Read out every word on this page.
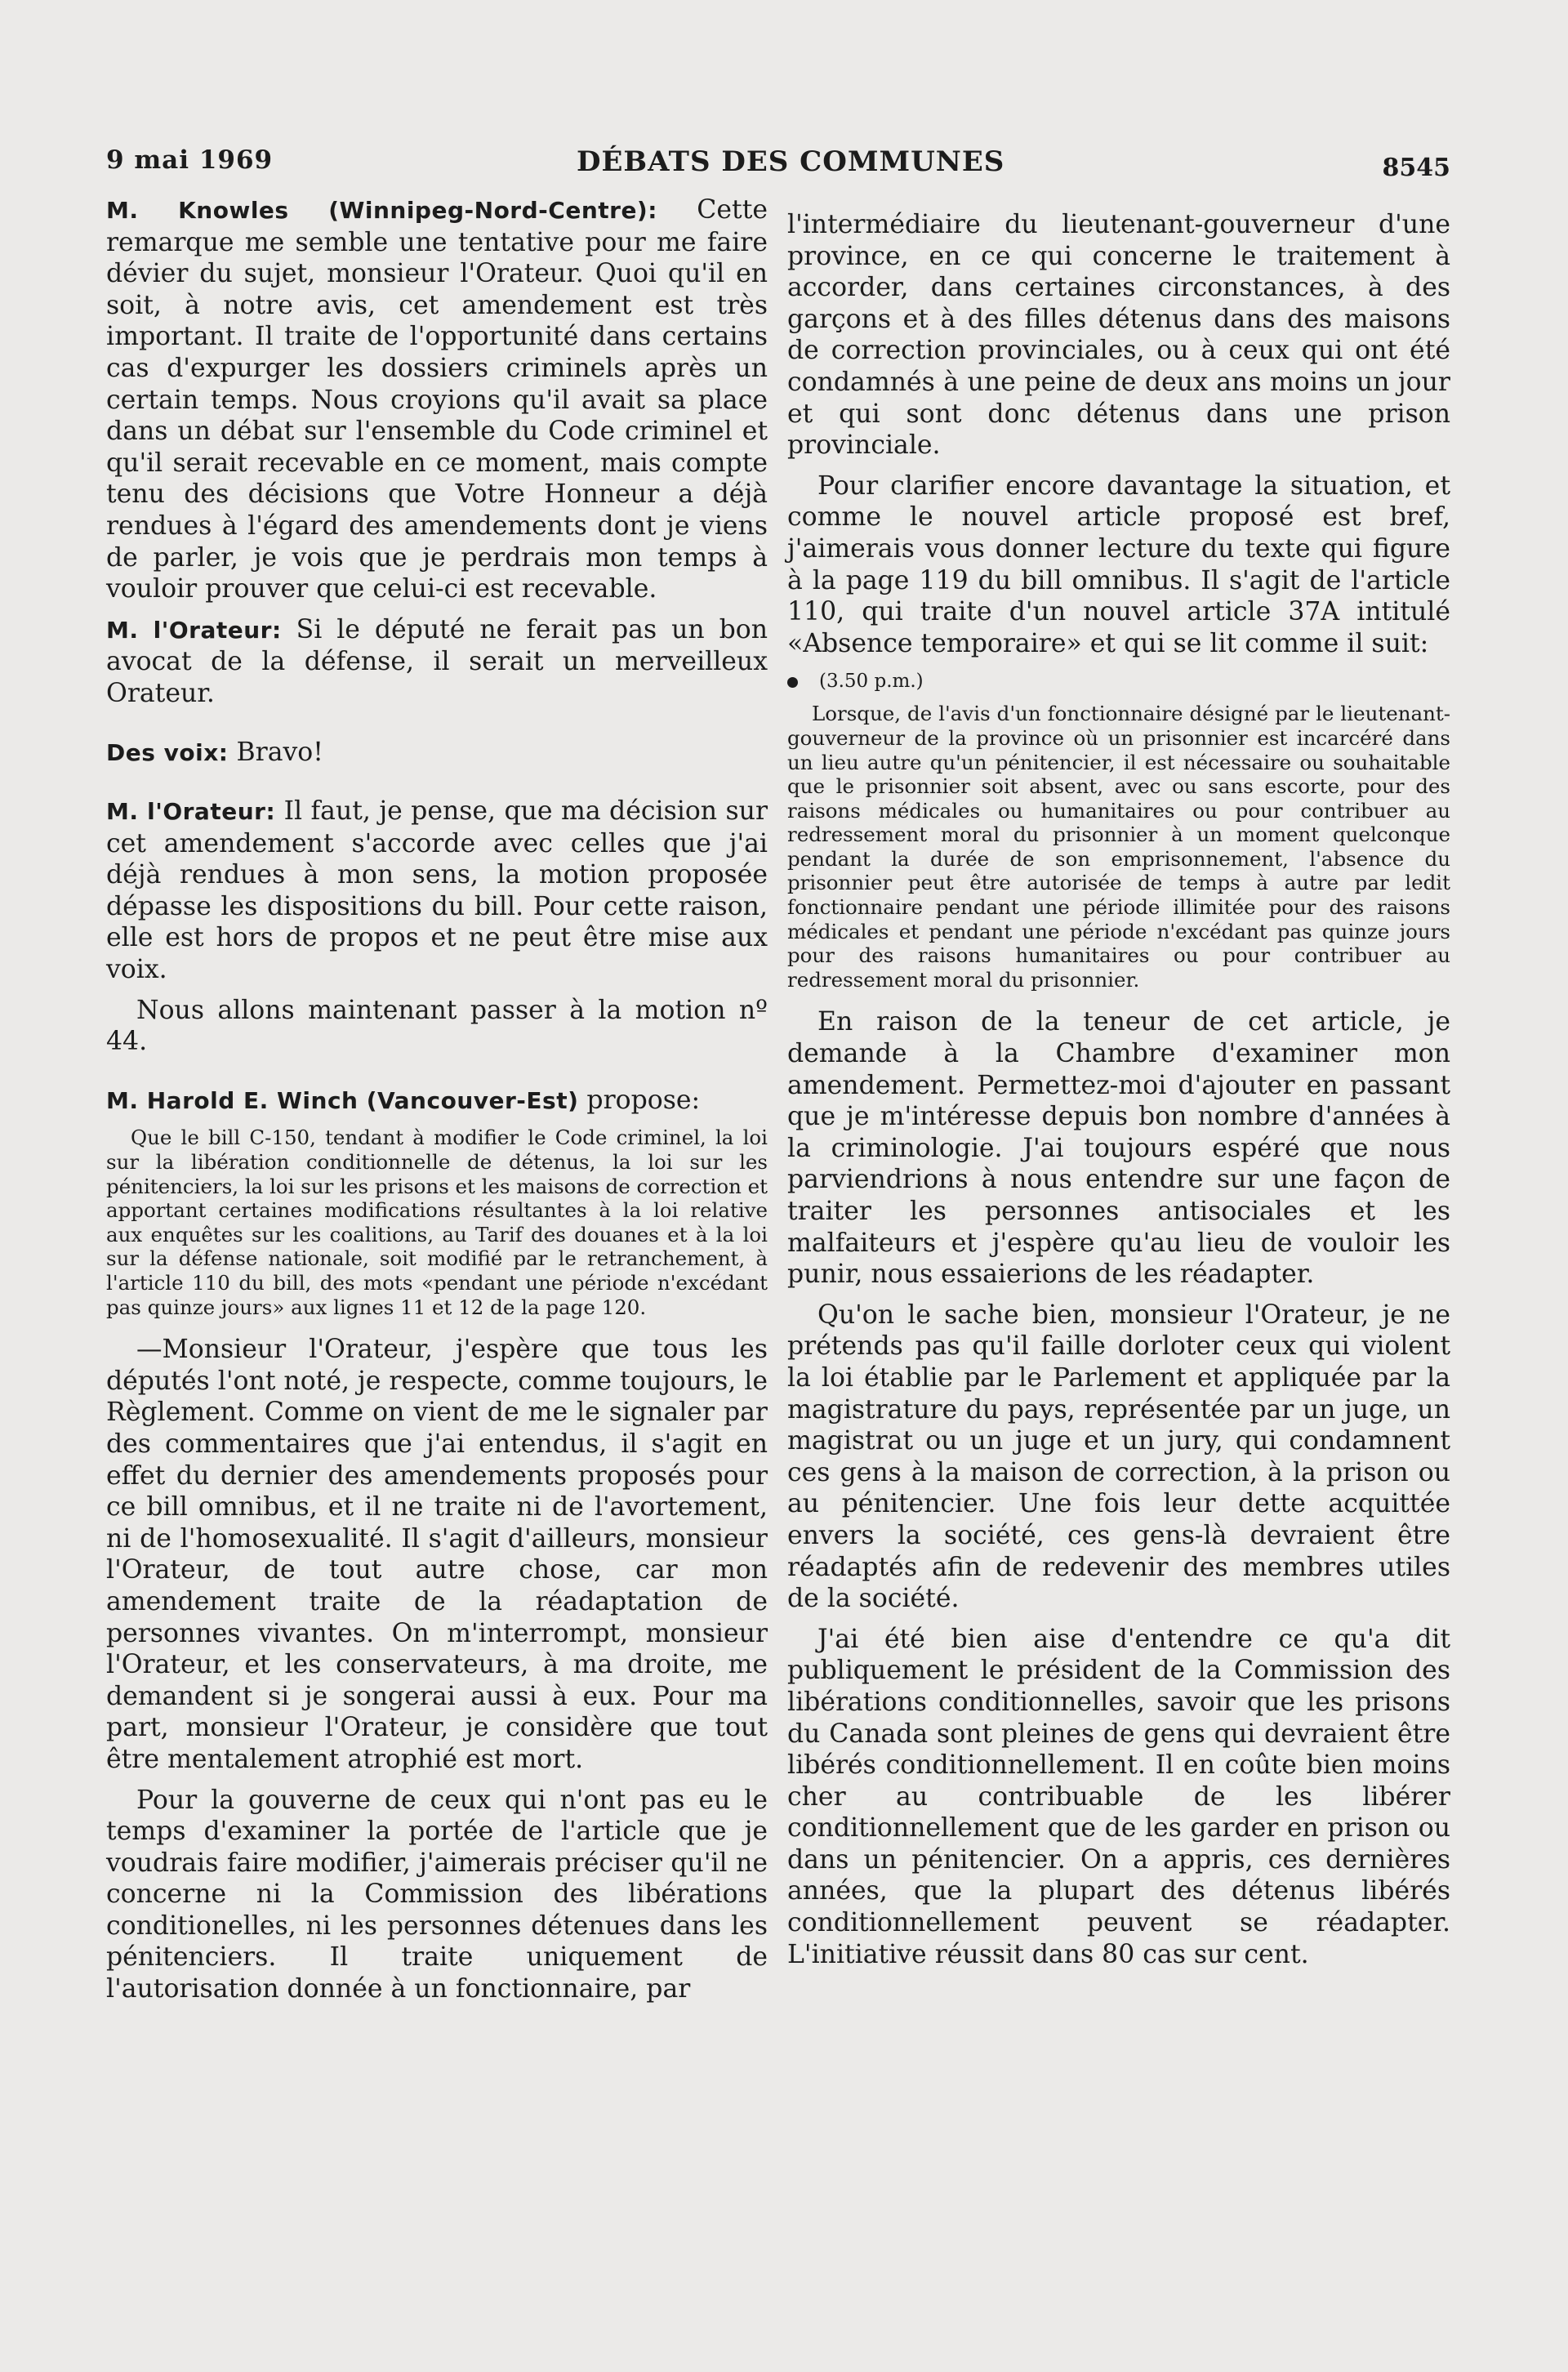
9 mai 1969	DÉBATS DES COMMUNES	8545

M. Knowles (Winnipeg-Nord-Centre): Cette remarque me semble une tentative pour me faire dévier du sujet, monsieur l'Orateur. Quoi qu'il en soit, à notre avis, cet amendement est très important. Il traite de l'opportunité dans certains cas d'expurger les dossiers criminels après un certain temps. Nous croyions qu'il avait sa place dans un débat sur l'ensemble du Code criminel et qu'il serait recevable en ce moment, mais compte tenu des décisions que Votre Honneur a déjà rendues à l'égard des amendements dont je viens de parler, je vois que je perdrais mon temps à vouloir prouver que celui-ci est recevable.

M. l'Orateur: Si le député ne ferait pas un bon avocat de la défense, il serait un merveilleux Orateur.

Des voix: Bravo!

M. l'Orateur: Il faut, je pense, que ma décision sur cet amendement s'accorde avec celles que j'ai déjà rendues à mon sens, la motion proposée dépasse les dispositions du bill. Pour cette raison, elle est hors de propos et ne peut être mise aux voix.

Nous allons maintenant passer à la motion nº 44.

M. Harold E. Winch (Vancouver-Est) propose:

Que le bill C-150, tendant à modifier le Code criminel, la loi sur la libération conditionnelle de détenus, la loi sur les pénitenciers, la loi sur les prisons et les maisons de correction et apportant certaines modifications résultantes à la loi relative aux enquêtes sur les coalitions, au Tarif des douanes et à la loi sur la défense nationale, soit modifié par le retranchement, à l'article 110 du bill, des mots «pendant une période n'excédant pas quinze jours» aux lignes 11 et 12 de la page 120.

—Monsieur l'Orateur, j'espère que tous les députés l'ont noté, je respecte, comme toujours, le Règlement. Comme on vient de me le signaler par des commentaires que j'ai entendus, il s'agit en effet du dernier des amendements proposés pour ce bill omnibus, et il ne traite ni de l'avortement, ni de l'homosexualité. Il s'agit d'ailleurs, monsieur l'Orateur, de tout autre chose, car mon amendement traite de la réadaptation de personnes vivantes. On m'interrompt, monsieur l'Orateur, et les conservateurs, à ma droite, me demandent si je songerai aussi à eux. Pour ma part, monsieur l'Orateur, je considère que tout être mentalement atrophié est mort.

Pour la gouverne de ceux qui n'ont pas eu le temps d'examiner la portée de l'article que je voudrais faire modifier, j'aimerais préciser qu'il ne concerne ni la Commission des libérations conditionelles, ni les personnes détenues dans les pénitenciers. Il traite uniquement de l'autorisation donnée à un fonctionnaire, par

l'intermédiaire du lieutenant-gouverneur d'une province, en ce qui concerne le traitement à accorder, dans certaines circonstances, à des garçons et à des filles détenus dans des maisons de correction provinciales, ou à ceux qui ont été condamnés à une peine de deux ans moins un jour et qui sont donc détenus dans une prison provinciale.

Pour clarifier encore davantage la situation, et comme le nouvel article proposé est bref, j'aimerais vous donner lecture du texte qui figure à la page 119 du bill omnibus. Il s'agit de l'article 110, qui traite d'un nouvel article 37A intitulé «Absence temporaire» et qui se lit comme il suit:

(3.50 p.m.)

Lorsque, de l'avis d'un fonctionnaire désigné par le lieutenant-gouverneur de la province où un prisonnier est incarcéré dans un lieu autre qu'un pénitencier, il est nécessaire ou souhaitable que le prisonnier soit absent, avec ou sans escorte, pour des raisons médicales ou humanitaires ou pour contribuer au redressement moral du prisonnier à un moment quelconque pendant la durée de son emprisonnement, l'absence du prisonnier peut être autorisée de temps à autre par ledit fonctionnaire pendant une période illimitée pour des raisons médicales et pendant une période n'excédant pas quinze jours pour des raisons humanitaires ou pour contribuer au redressement moral du prisonnier.

En raison de la teneur de cet article, je demande à la Chambre d'examiner mon amendement. Permettez-moi d'ajouter en passant que je m'intéresse depuis bon nombre d'années à la criminologie. J'ai toujours espéré que nous parviendrions à nous entendre sur une façon de traiter les personnes antisociales et les malfaiteurs et j'espère qu'au lieu de vouloir les punir, nous essaierions de les réadapter.

Qu'on le sache bien, monsieur l'Orateur, je ne prétends pas qu'il faille dorloter ceux qui violent la loi établie par le Parlement et appliquée par la magistrature du pays, représentée par un juge, un magistrat ou un juge et un jury, qui condamnent ces gens à la maison de correction, à la prison ou au pénitencier. Une fois leur dette acquittée envers la société, ces gens-là devraient être réadaptés afin de redevenir des membres utiles de la société.

J'ai été bien aise d'entendre ce qu'a dit publiquement le président de la Commission des libérations conditionnelles, savoir que les prisons du Canada sont pleines de gens qui devraient être libérés conditionnellement. Il en coûte bien moins cher au contribuable de les libérer conditionnellement que de les garder en prison ou dans un pénitencier. On a appris, ces dernières années, que la plupart des détenus libérés conditionnellement peuvent se réadapter. L'initiative réussit dans 80 cas sur cent.
